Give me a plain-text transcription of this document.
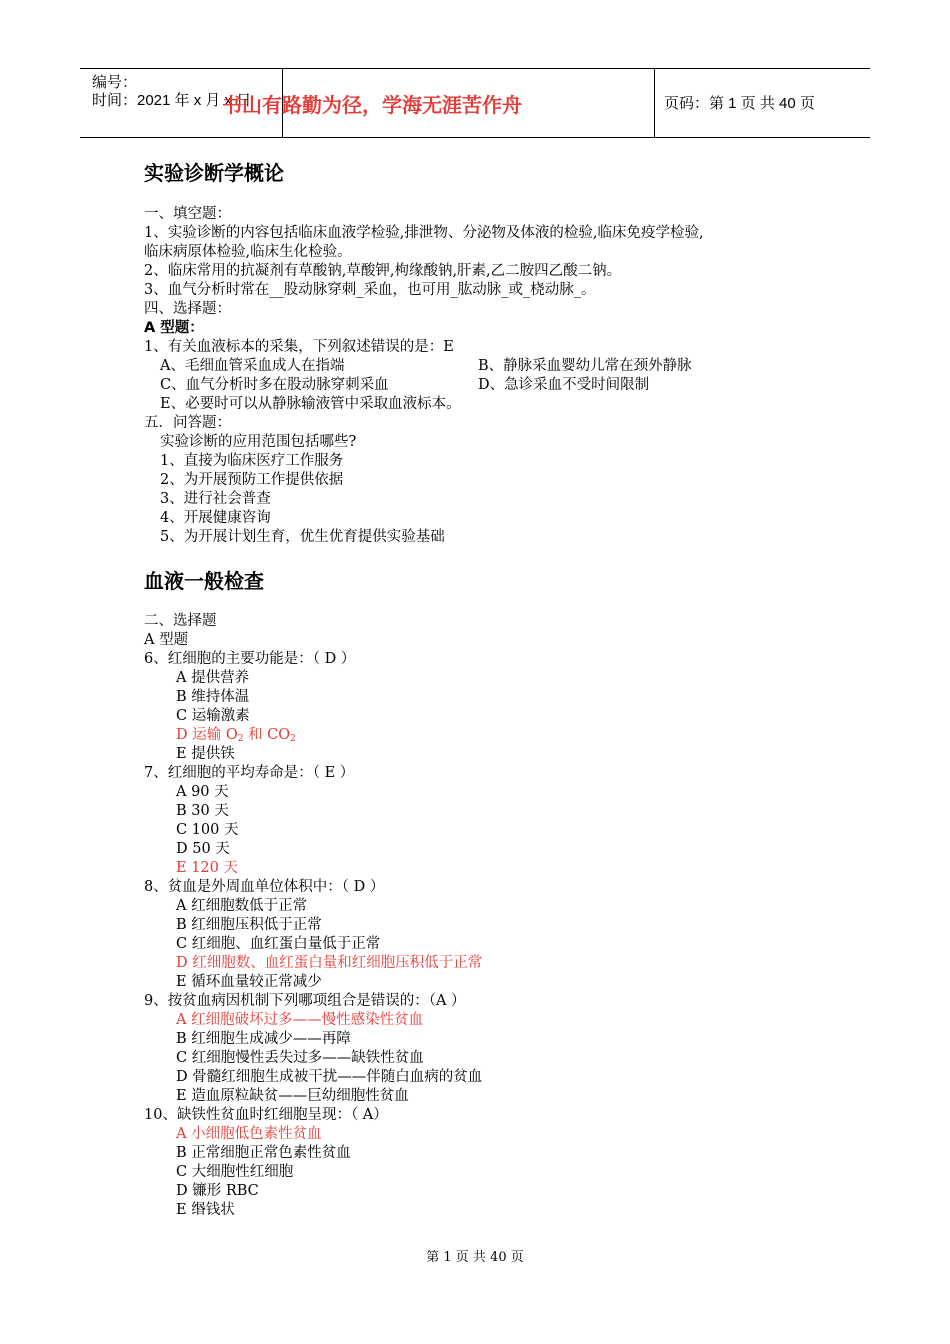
编号：
时间：2021 年 x 月 x 日
书山有路勤为径，学海无涯苦作舟	页码：第 1 页 共 40 页
实验诊断学概论
一、填空题：
1、实验诊断的内容包括临床血液学检验,排泄物、分泌物及体液的检验,临床免疫学检验,
临床病原体检验,临床生化检验。
2、临床常用的抗凝剂有草酸钠,草酸钾,枸缘酸钠,肝素,乙二胺四乙酸二钠。
3、血气分析时常在__股动脉穿刺_采血，也可用_肱动脉_或_桡动脉_。
四、选择题：
A 型题：
1、有关血液标本的采集，下列叙述错误的是：E
A、毛细血管采血成人在指端	B、静脉采血婴幼儿常在颈外静脉
C、血气分析时多在股动脉穿刺采血	D、急诊采血不受时间限制
E、必要时可以从静脉输液管中采取血液标本。
五．问答题：
实验诊断的应用范围包括哪些?
1、直接为临床医疗工作服务
2、为开展预防工作提供依据
3、进行社会普查
4、开展健康咨询
5、为开展计划生育，优生优育提供实验基础
血液一般检查
二、选择题
A 型题
6、红细胞的主要功能是：（ D ）
A 提供营养
B 维持体温
C 运输激素
D 运输 $O_2$ 和 $CO_2$
E 提供铁
7、红细胞的平均寿命是：（ E ）
A 90 天
B 30 天
C 100 天
D 50 天
E 120 天
8、贫血是外周血单位体积中：（ D ）
A 红细胞数低于正常
B 红细胞压积低于正常
C 红细胞、血红蛋白量低于正常
D 红细胞数、血红蛋白量和红细胞压积低于正常
E 循环血量较正常减少
9、按贫血病因机制下列哪项组合是错误的：（A ）
A 红细胞破坏过多——慢性感染性贫血
B 红细胞生成减少——再障
C 红细胞慢性丢失过多——缺铁性贫血
D 骨髓红细胞生成被干扰——伴随白血病的贫血
E 造血原粒缺贫——巨幼细胞性贫血
10、缺铁性贫血时红细胞呈现：（ A）
A 小细胞低色素性贫血
B 正常细胞正常色素性贫血
C 大细胞性红细胞
D 镰形 RBC
E 缗钱状
第 1 页 共 40 页
